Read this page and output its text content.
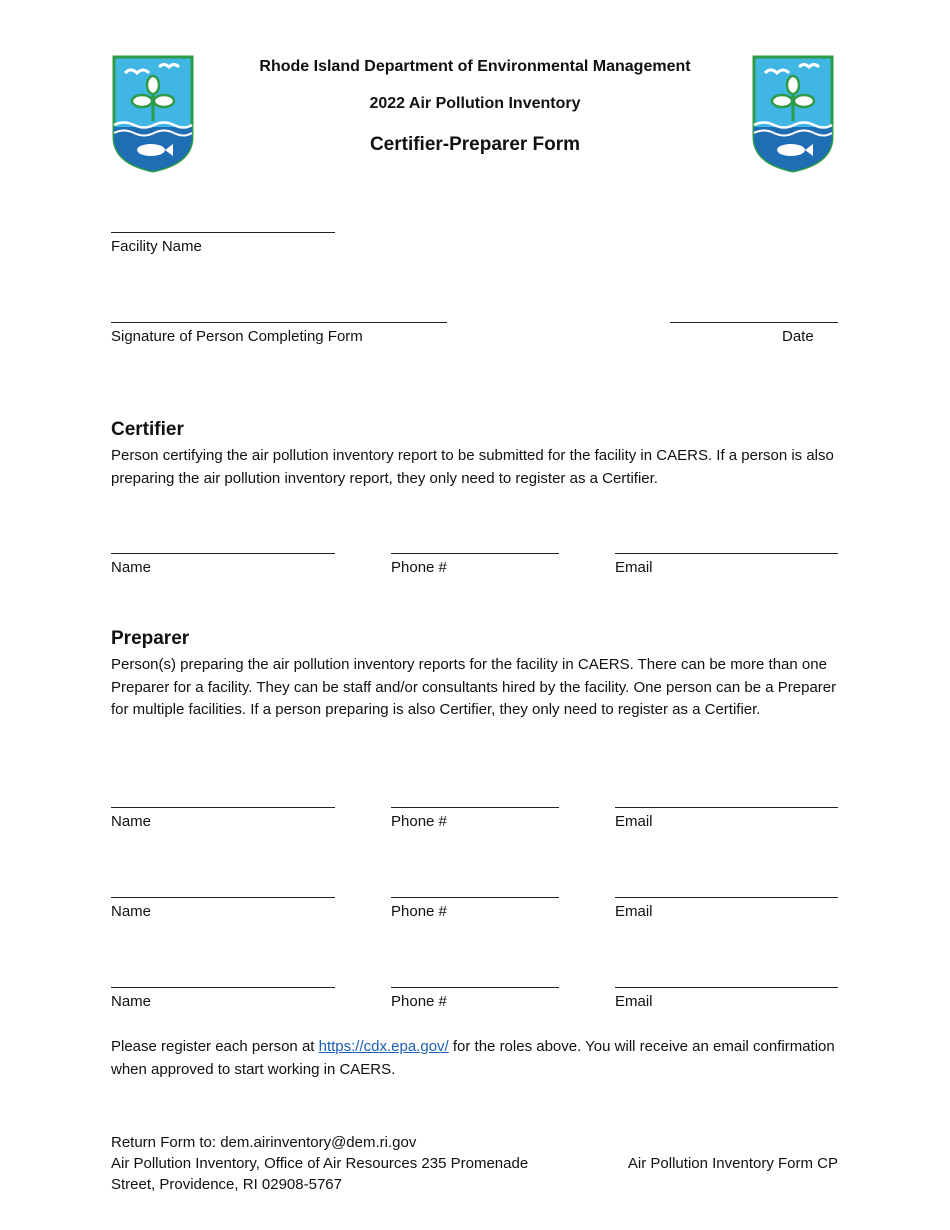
Rhode Island Department of Environmental Management
2022 Air Pollution Inventory
Certifier-Preparer Form
Facility Name
Signature of Person Completing Form	Date
Certifier
Person certifying the air pollution inventory report to be submitted for the facility in CAERS. If a person is also preparing the air pollution inventory report, they only need to register as a Certifier.
Name	Phone #	Email
Preparer
Person(s) preparing the air pollution inventory reports for the facility in CAERS. There can be more than one Preparer for a facility. They can be staff and/or consultants hired by the facility. One person can be a Preparer for multiple facilities. If a person preparing is also Certifier, they only need to register as a Certifier.
Name	Phone #	Email
Name	Phone #	Email
Name	Phone #	Email
Please register each person at https://cdx.epa.gov/ for the roles above. You will receive an email confirmation when approved to start working in CAERS.
Return Form to: dem.airinventory@dem.ri.gov
Air Pollution Inventory, Office of Air Resources 235 Promenade Street, Providence, RI 02908-5767
Air Pollution Inventory Form CP
